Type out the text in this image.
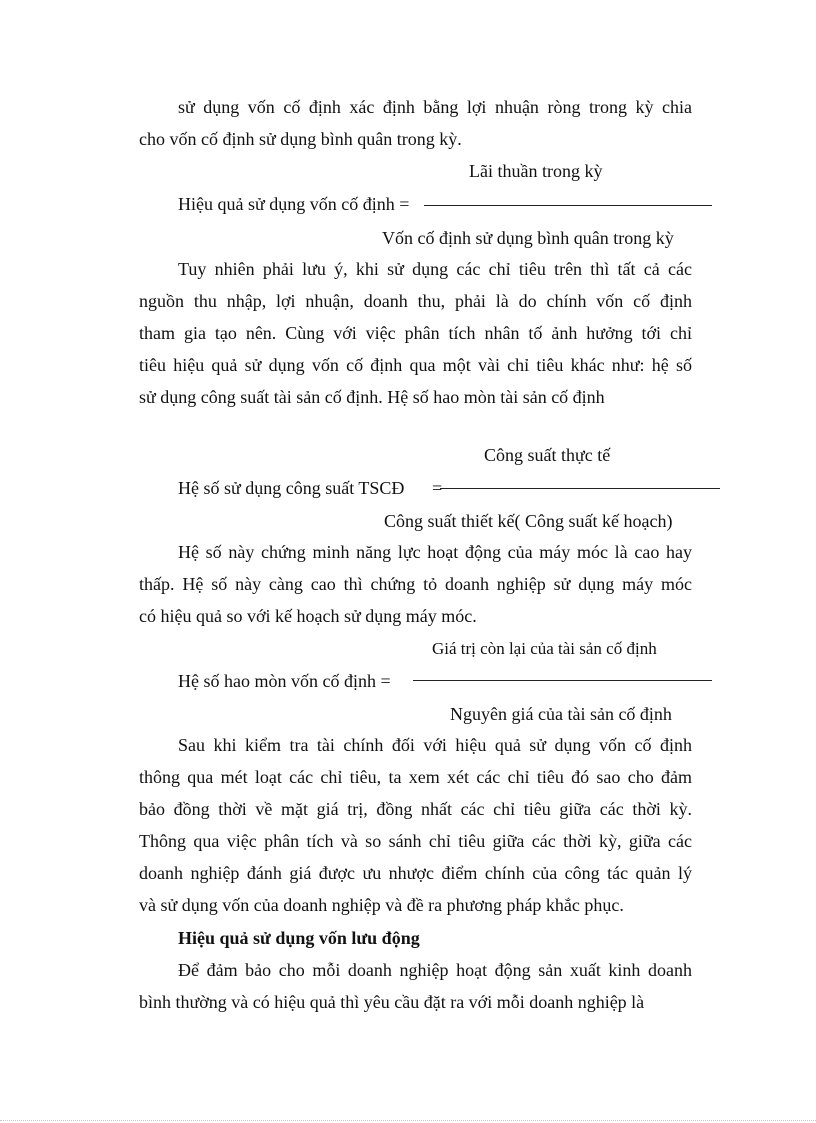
sử dụng vốn cố định xác định bằng lợi nhuận ròng trong kỳ chia
cho vốn cố định sử dụng bình quân trong kỳ.
Lãi thuần trong kỳ
Hiệu quả sử dụng vốn cố định =
Vốn cố định sử dụng bình quân trong kỳ
Tuy nhiên phải lưu ý, khi sử dụng các chỉ tiêu trên thì tất cả các
nguồn thu nhập, lợi nhuận, doanh thu, phải là do chính vốn cố định
tham gia tạo nên. Cùng với việc phân tích nhân tố ảnh hưởng tới chỉ
tiêu hiệu quả sử dụng vốn cố định qua một vài chỉ tiêu khác như: hệ số
sử dụng công suất tài sản cố định. Hệ số hao mòn tài sản cố định
Công suất thực tế
Hệ số sử dụng công suất TSCĐ =
Công suất thiết kế( Công suất kế hoạch)
Hệ số này chứng minh năng lực hoạt động của máy móc là cao hay
thấp. Hệ số này càng cao thì chứng tỏ doanh nghiệp sử dụng máy móc
có hiệu quả so với kế hoạch sử dụng máy móc.
Giá trị còn lại của tài sản cố định
Hệ số hao mòn vốn cố định =
Nguyên giá của tài sản cố định
Sau khi kiểm tra tài chính đối với hiệu quả sử dụng vốn cố định
thông qua mét loạt các chỉ tiêu, ta xem xét các chỉ tiêu đó sao cho đảm
bảo đồng thời về mặt giá trị, đồng nhất các chỉ tiêu giữa các thời kỳ.
Thông qua việc phân tích và so sánh chỉ tiêu giữa các thời kỳ, giữa các
doanh nghiệp đánh giá được ưu nhược điểm chính của công tác quản lý
và sử dụng vốn của doanh nghiệp và đề ra phương pháp khắc phục.
Hiệu quả sử dụng vốn lưu động
Để đảm bảo cho mỗi doanh nghiệp hoạt động sản xuất kinh doanh
bình thường và có hiệu quả thì yêu cầu đặt ra với mỗi doanh nghiệp là
